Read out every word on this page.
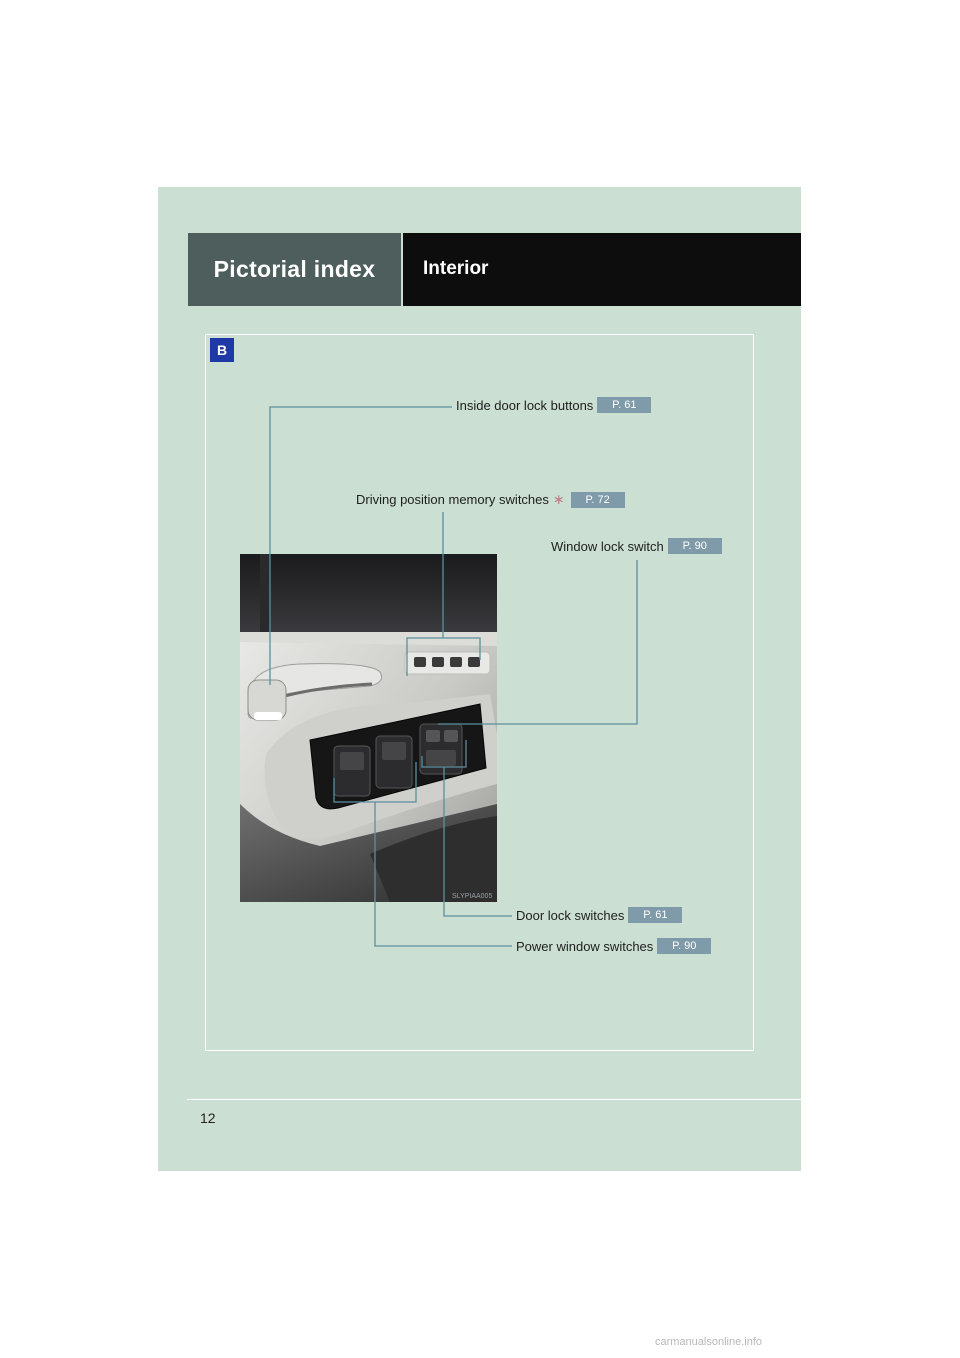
Pictorial index	Interior
B
SLYPIAA005
Inside door lock buttons	P. 61
Driving position memory switches ∗	P. 72
Window lock switch	P. 90
Door lock switches	P. 61
Power window switches	P. 90
12
carmanualsonline.info
